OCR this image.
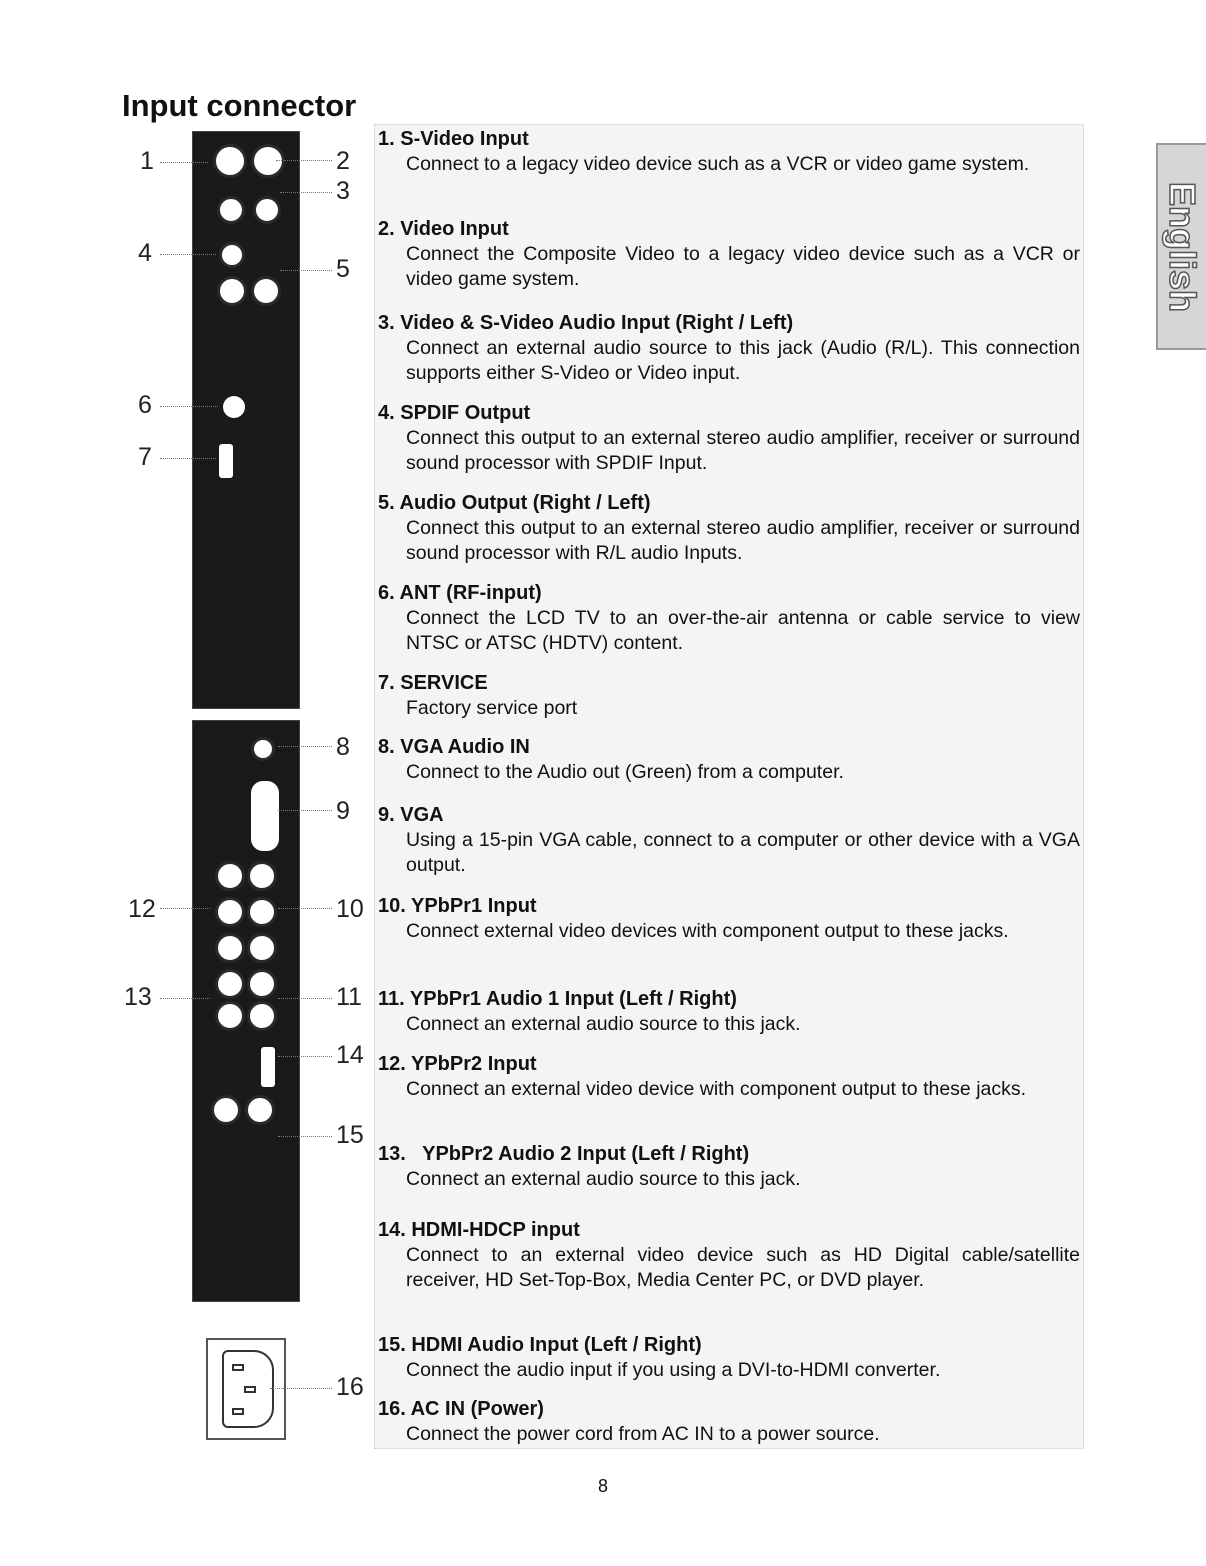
Input connector
English
1	2
3
4
5
6
7
8
9
10
11
12
13
14
15
16
1. S-Video Input

Connect to a legacy video device such as a VCR or video game system.

2. Video Input

Connect the Composite Video to a legacy video device such as a VCR or video game system.

3. Video & S-Video Audio Input (Right / Left)

Connect an external audio source to this jack (Audio (R/L). This connection supports either S-Video or Video input.

4. SPDIF Output

Connect this output to an external stereo audio amplifier, receiver or surround sound processor with SPDIF Input.

5. Audio Output (Right / Left)

Connect this output to an external stereo audio amplifier, receiver or surround sound processor with R/L audio Inputs.

6. ANT (RF-input)

Connect the LCD TV to an over-the-air antenna or cable service to view NTSC or ATSC (HDTV) content.

7. SERVICE

Factory service port

8. VGA Audio IN

Connect to the Audio out (Green) from a computer.

9. VGA

Using a 15-pin VGA cable, connect to a computer or other device with a VGA output.

10. YPbPr1 Input

Connect external video devices with component output to these jacks.

11. YPbPr1 Audio 1 Input (Left / Right)

Connect an external audio source to this jack.

12. YPbPr2 Input

Connect an external video device with component output to these jacks.

13.   YPbPr2 Audio 2 Input (Left / Right)

Connect an external audio source to this jack.

14. HDMI-HDCP input

Connect to an external video device such as HD Digital cable/satellite receiver, HD Set-Top-Box, Media Center PC, or DVD player.

15. HDMI Audio Input (Left / Right)

Connect the audio input if you using a DVI-to-HDMI converter.

16. AC IN (Power)

Connect the power cord from AC IN to a power source.

8
